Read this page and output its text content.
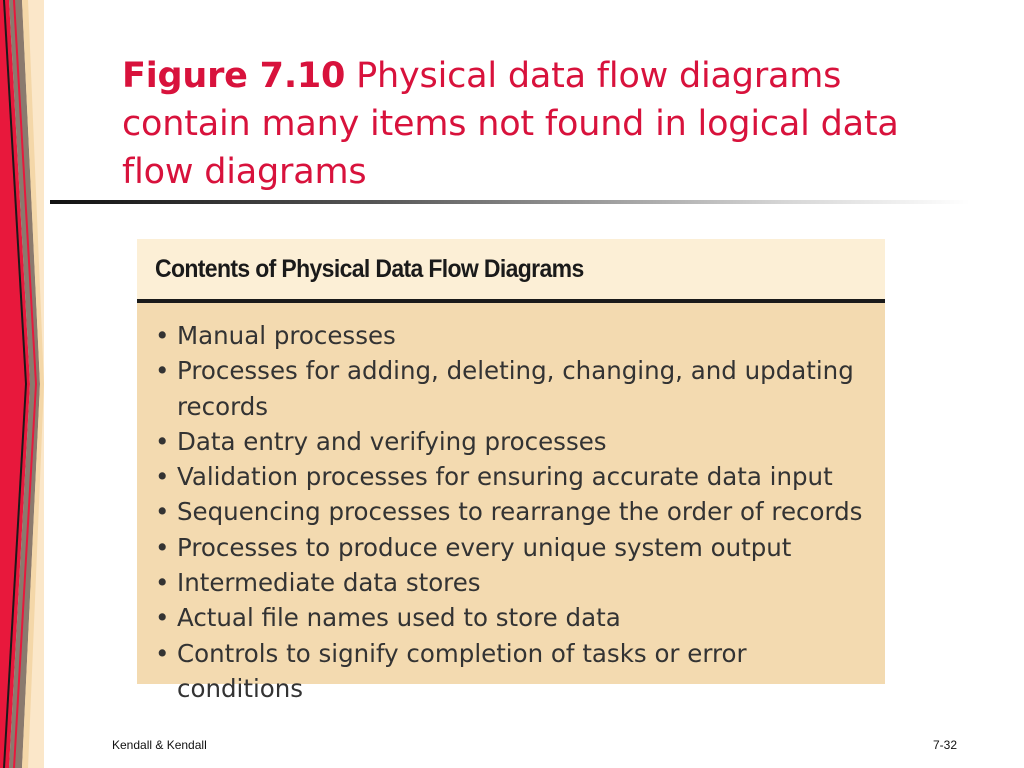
Figure 7.10 Physical data flow diagrams contain many items not found in logical data flow diagrams
Contents of Physical Data Flow Diagrams
• Manual processes
• Processes for adding, deleting, changing, and updating records
• Data entry and verifying processes
• Validation processes for ensuring accurate data input
• Sequencing processes to rearrange the order of records
• Processes to produce every unique system output
• Intermediate data stores
• Actual file names used to store data
• Controls to signify completion of tasks or error conditions
Kendall & Kendall	7-32
